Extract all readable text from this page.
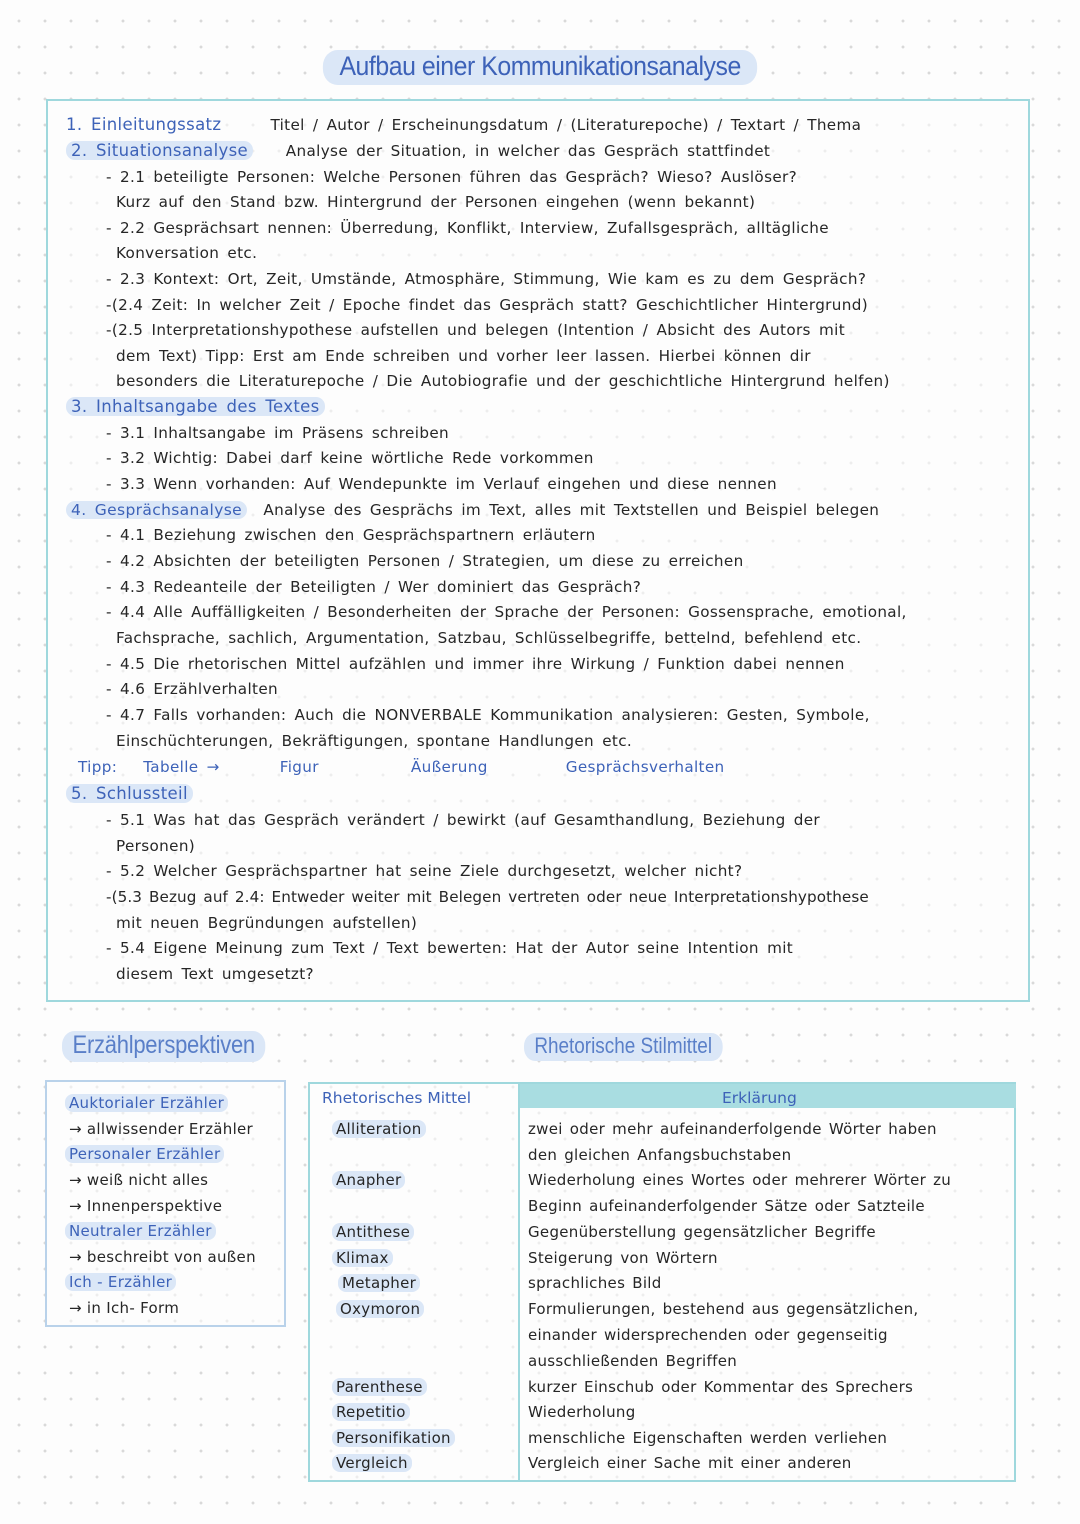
Aufbau einer Kommunikationsanalyse
1. Einleitungssatz	Titel / Autor / Erscheinungsdatum / (Literaturepoche) / Textart / Thema
2. Situationsanalyse Analyse der Situation, in welcher das Gespräch stattfindet
- 2.1 beteiligte Personen: Welche Personen führen das Gespräch? Wieso? Auslöser?
Kurz auf den Stand bzw. Hintergrund der Personen eingehen (wenn bekannt)
- 2.2 Gesprächsart nennen: Überredung, Konflikt, Interview, Zufallsgespräch, alltägliche
Konversation etc.
- 2.3 Kontext: Ort, Zeit, Umstände, Atmosphäre, Stimmung, Wie kam es zu dem Gespräch?
-(2.4 Zeit: In welcher Zeit / Epoche findet das Gespräch statt? Geschichtlicher Hintergrund)
-(2.5 Interpretationshypothese aufstellen und belegen (Intention / Absicht des Autors mit
dem Text) Tipp: Erst am Ende schreiben und vorher leer lassen. Hierbei können dir
besonders die Literaturepoche / Die Autobiografie und der geschichtliche Hintergrund helfen)
3. Inhaltsangabe des Textes
- 3.1 Inhaltsangabe im Präsens schreiben
- 3.2 Wichtig: Dabei darf keine wörtliche Rede vorkommen
- 3.3 Wenn vorhanden: Auf Wendepunkte im Verlauf eingehen und diese nennen
4. Gesprächsanalyse Analyse des Gesprächs im Text, alles mit Textstellen und Beispiel belegen
- 4.1 Beziehung zwischen den Gesprächspartnern erläutern
- 4.2 Absichten der beteiligten Personen / Strategien, um diese zu erreichen
- 4.3 Redeanteile der Beteiligten / Wer dominiert das Gespräch?
- 4.4 Alle Auffälligkeiten / Besonderheiten der Sprache der Personen: Gossensprache, emotional,
Fachsprache, sachlich, Argumentation, Satzbau, Schlüsselbegriffe, bettelnd, befehlend etc.
- 4.5 Die rhetorischen Mittel aufzählen und immer ihre Wirkung / Funktion dabei nennen
- 4.6 Erzählverhalten
- 4.7 Falls vorhanden: Auch die NONVERBALE Kommunikation analysieren: Gesten, Symbole,
Einschüchterungen, Bekräftigungen, spontane Handlungen etc.
Tipp: Tabelle →	Figur	Äußerung	Gesprächsverhalten
5. Schlussteil
- 5.1 Was hat das Gespräch verändert / bewirkt (auf Gesamthandlung, Beziehung der
Personen)
- 5.2 Welcher Gesprächspartner hat seine Ziele durchgesetzt, welcher nicht?
-(5.3 Bezug auf 2.4: Entweder weiter mit Belegen vertreten oder neue Interpretationshypothese
mit neuen Begründungen aufstellen)
- 5.4 Eigene Meinung zum Text / Text bewerten: Hat der Autor seine Intention mit
diesem Text umgesetzt?
Erzählperspektiven	Rhetorische Stilmittel
Auktorialer Erzähler
→ allwissender Erzähler
Personaler Erzähler
→ weiß nicht alles
→ Innenperspektive
Neutraler Erzähler
→ beschreibt von außen
Ich - Erzähler
→ in Ich- Form
Rhetorisches Mittel	Erklärung
Alliteration	zwei oder mehr aufeinanderfolgende Wörter haben
den gleichen Anfangsbuchstaben
Anapher	Wiederholung eines Wortes oder mehrerer Wörter zu
Beginn aufeinanderfolgender Sätze oder Satzteile
Antithese	Gegenüberstellung gegensätzlicher Begriffe
Klimax	Steigerung von Wörtern
Metapher	sprachliches Bild
Oxymoron	Formulierungen, bestehend aus gegensätzlichen,
einander widersprechenden oder gegenseitig
ausschließenden Begriffen
Parenthese	kurzer Einschub oder Kommentar des Sprechers
Repetitio	Wiederholung
Personifikation	menschliche Eigenschaften werden verliehen
Vergleich	Vergleich einer Sache mit einer anderen
